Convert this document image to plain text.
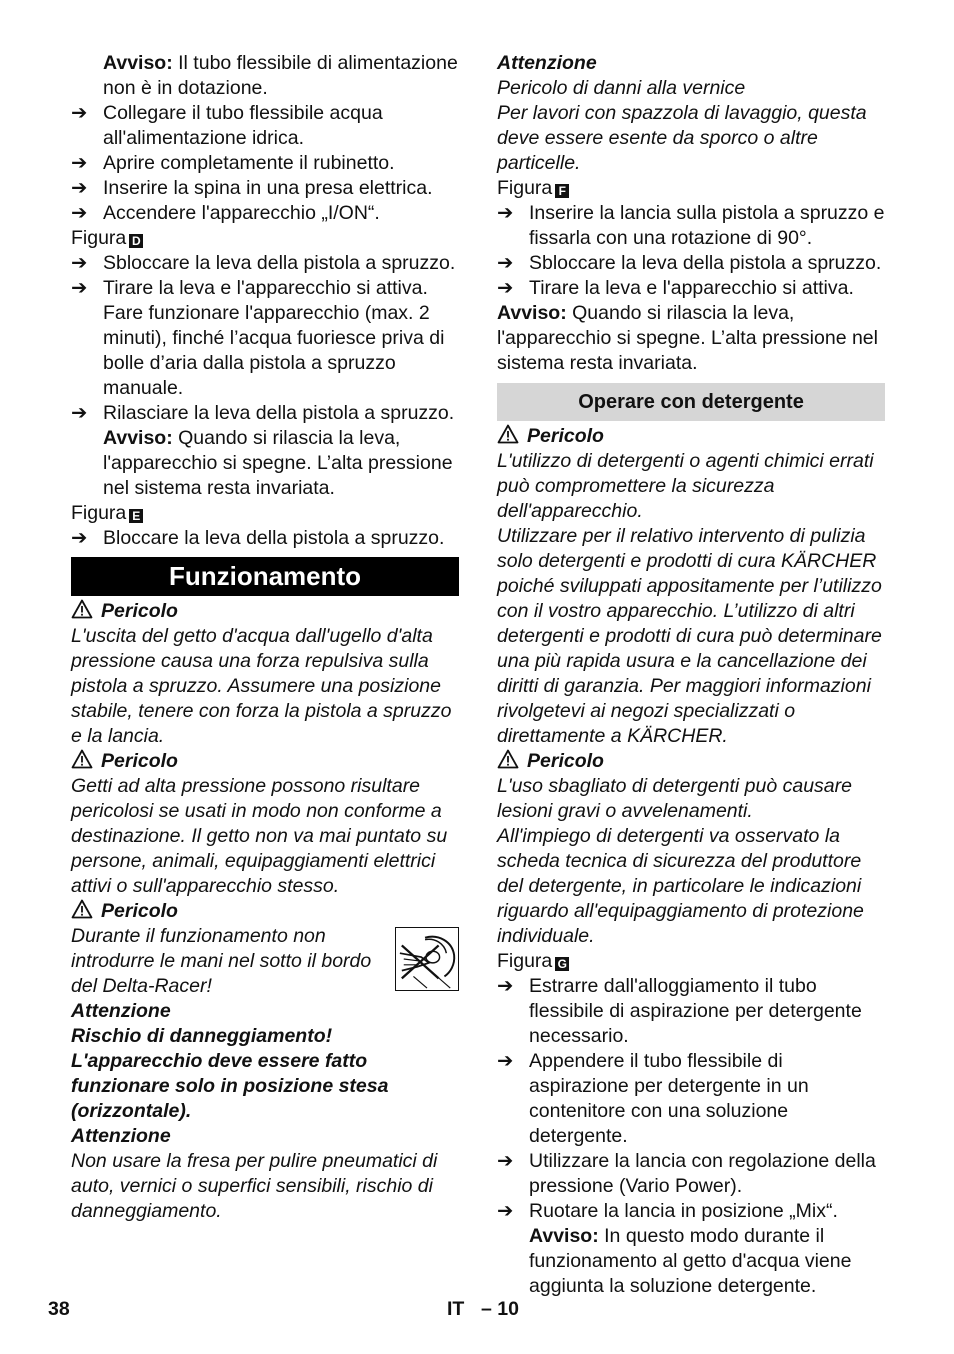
Avviso: Il tubo flessibile di alimentazione non è in dotazione.

➔ Collegare il tubo flessibile acqua all'alimentazione idrica.

➔ Aprire completamente il rubinetto.

➔ Inserire la spina in una presa elettrica.

➔ Accendere l'apparecchio „I/ON“.

Figura D

➔ Sbloccare la leva della pistola a spruzzo.

➔ Tirare la leva e l'apparecchio si attiva. Fare funzionare l'apparecchio (max. 2 minuti), finché l’acqua fuoriesce priva di bolle d’aria dalla pistola a spruzzo manuale.

➔ Rilasciare la leva della pistola a spruzzo.

Avviso: Quando si rilascia la leva, l'apparecchio si spegne. L’alta pressione nel sistema resta invariata.

Figura E

➔ Bloccare la leva della pistola a spruzzo.

Funzionamento

Pericolo

L'uscita del getto d'acqua dall'ugello d'alta pressione causa una forza repulsiva sulla pistola a spruzzo. Assumere una posizione stabile, tenere con forza la pistola a spruzzo e la lancia.

Pericolo

Getti ad alta pressione possono risultare pericolosi se usati in modo non conforme a destinazione. Il getto non va mai puntato su persone, animali, equipaggiamenti elettrici attivi o sull'apparecchio stesso.

Pericolo

Durante il funzionamento non introdurre le mani nel sotto il bordo del Delta-Racer!

Attenzione

Rischio di danneggiamento! L'apparecchio deve essere fatto funzionare solo in posizione stesa (orizzontale).

Attenzione

Non usare la fresa per pulire pneumatici di auto, vernici o superfici sensibili, rischio di danneggiamento.

Attenzione

Pericolo di danni alla vernice

Per lavori con spazzola di lavaggio, questa deve essere esente da sporco o altre particelle.

Figura F

➔ Inserire la lancia sulla pistola a spruzzo e fissarla con una rotazione di 90°.

➔ Sbloccare la leva della pistola a spruzzo.

➔ Tirare la leva e l'apparecchio si attiva.

Avviso: Quando si rilascia la leva, l'apparecchio si spegne. L’alta pressione nel sistema resta invariata.

Operare con detergente

Pericolo

L'utilizzo di detergenti o agenti chimici errati può compromettere la sicurezza dell'apparecchio.

Utilizzare per il relativo intervento di pulizia solo detergenti e prodotti di cura KÄRCHER poiché sviluppati appositamente per l’utilizzo con il vostro apparecchio. L’utilizzo di altri detergenti e prodotti di cura può determinare una più rapida usura e la cancellazione dei diritti di garanzia. Per maggiori informazioni rivolgetevi ai negozi specializzati o direttamente a KÄRCHER.

Pericolo

L'uso sbagliato di detergenti può causare lesioni gravi o avvelenamenti.

All'impiego di detergenti va osservato la scheda tecnica di sicurezza del produttore del detergente, in particolare le indicazioni riguardo all'equipaggiamento di protezione individuale.

Figura G

➔ Estrarre dall'alloggiamento il tubo flessibile di aspirazione per detergente necessario.

➔ Appendere il tubo flessibile di aspirazione per detergente in un contenitore con una soluzione detergente.

➔ Utilizzare la lancia con regolazione della pressione (Vario Power).

➔ Ruotare la lancia in posizione „Mix“.

Avviso: In questo modo durante il funzionamento al getto d'acqua viene aggiunta la soluzione detergente.

38	IT – 10
